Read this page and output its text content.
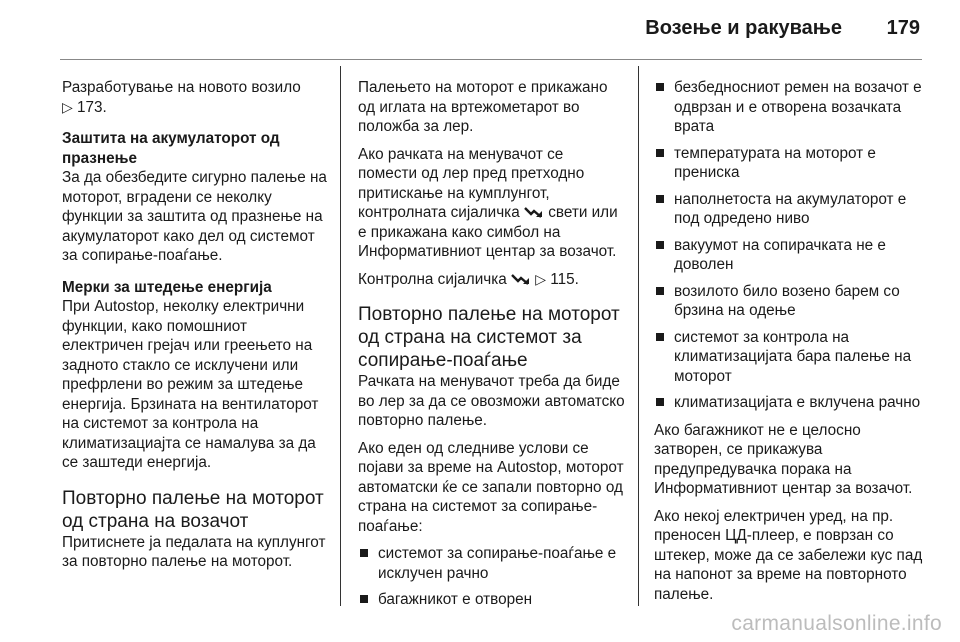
Возење и ракување 179

Разработување на новото возило
▷ 173.

Заштита на акумулаторот од празнење

За да обезбедите сигурно палење на моторот, вградени се неколку функции за заштита од празнење на акумулаторот како дел од системот за сопирање-поаѓање.

Мерки за штедење енергија

При Autostop, неколку електрични функции, како помошниот електричен грејач или греењето на задното стакло се исклучени или префрлени во режим за штедење енергија. Брзината на вентилаторот на системот за контрола на климатизациајта се намалува за да се заштеди енергија.

Повторно палење на моторот од страна на возачот

Притиснете ја педалата на куплунгот за повторно палење на моторот.

Палењето на моторот е прикажано од иглата на вртежометарот во положба за лер.

Ако рачката на менувачот се помести од лер пред претходно притискање на кумплунгот, контролната сијаличка свети или е прикажана како симбол на Информативниот центар за возачот.

Контролна сијаличка ▷ 115.

Повторно палење на моторот од страна на системот за сопирање-поаѓање

Рачката на менувачот треба да биде во лер за да се овозможи автоматско повторно палење.

Ако еден од следниве услови се појави за време на Autostop, моторот автоматски ќе се запали повторно од страна на системот за сопирање-поаѓање:

системот за сопирање-поаѓање е исклучен рачно
багажникот е отворен
безбедносниот ремен на возачот е одврзан и е отворена возачката врата
температурата на моторот е прениска
наполнетоста на акумулаторот е под одредено ниво
вакуумот на сопирачката не е доволен
возилото било возено барем со брзина на одење
системот за контрола на климатизацијата бара палење на моторот
климатизацијата е вклучена рачно

Ако багажникот не е целосно затворен, се прикажува предупредувачка порака на Информативниот центар за возачот.

Ако некој електричен уред, на пр. преносен ЦД-плеер, е поврзан со штекер, може да се забележи кус пад на напонот за време на повторното палење.

carmanualsonline.info
